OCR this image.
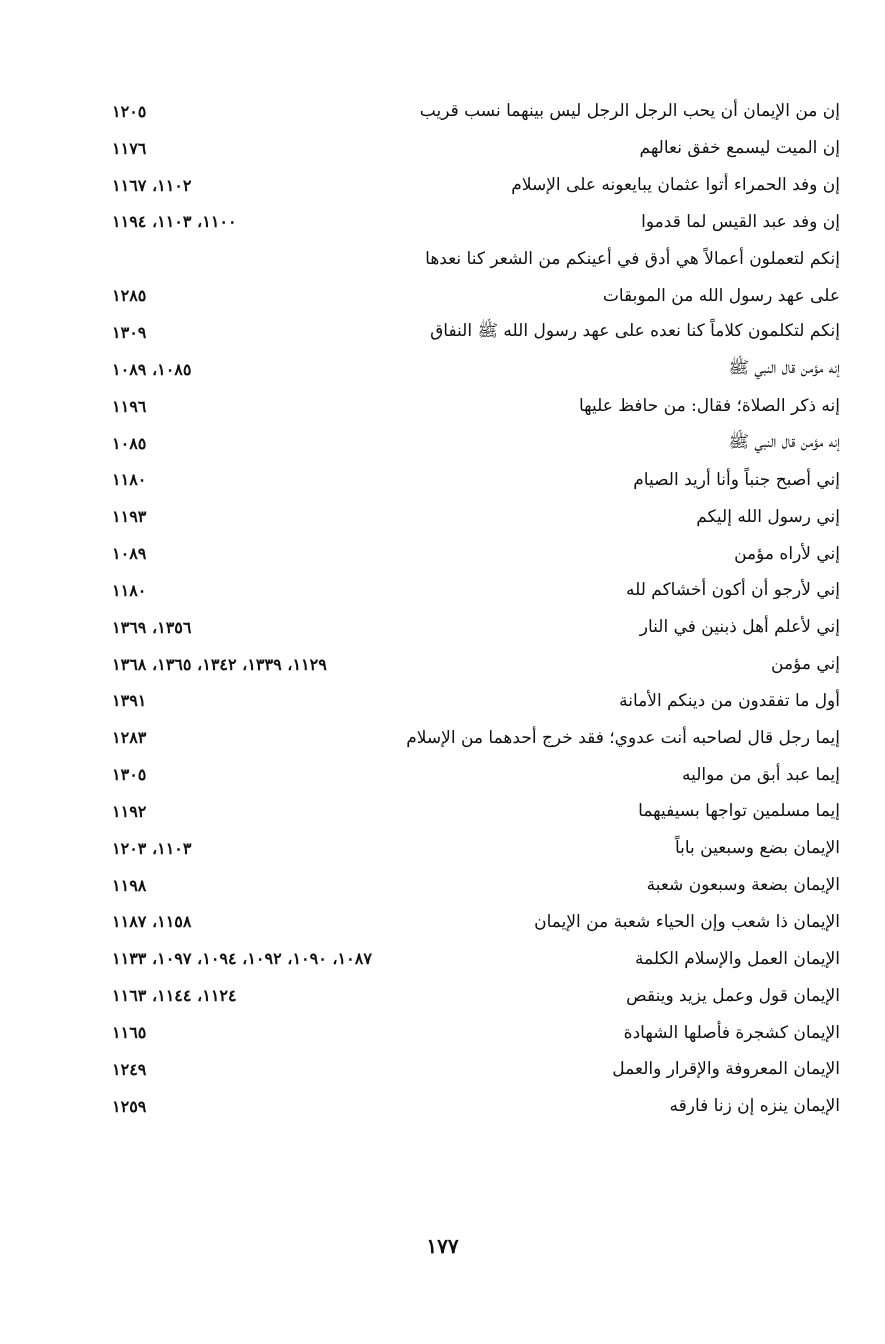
إن من الإيمان أن يحب الرجل الرجل ليس بينهما نسب قريب
١٢٠٥
إن الميت ليسمع خفق نعالهم
١١٧٦
إن وفد الحمراء أتوا عثمان يبايعونه على الإسلام
١١٠٢، ١١٦٧
إن وفد عبد القيس لما قدموا
١١٠٠، ١١٠٣، ١١٩٤
إنكم لتعملون أعمالاً هي أدق في أعينكم من الشعر كنا نعدها
على عهد رسول الله من الموبقات
١٢٨٥
إنكم لتكلمون كلاماً كنا نعده على عهد رسول الله ﷺ النفاق
١٣٠٩
إنه مؤمن قال النبي ﷺ
١٠٨٥، ١٠٨٩
إنه ذكر الصلاة؛ فقال: من حافظ عليها
١١٩٦
إنه مؤمن قال النبي ﷺ
١٠٨٥
إني أصبح جنباً وأنا أريد الصيام
١١٨٠
إني رسول الله إليكم
١١٩٣
إني لأراه مؤمن
١٠٨٩
إني لأرجو أن أكون أخشاكم لله
١١٨٠
إني لأعلم أهل ذبنين في النار
١٣٥٦، ١٣٦٩
إني مؤمن
١١٢٩، ١٣٣٩، ١٣٤٢، ١٣٦٥، ١٣٦٨
أول ما تفقدون من دينكم الأمانة
١٣٩١
إيما رجل قال لصاحبه أنت عدوي؛ فقد خرج أحدهما من الإسلام
١٢٨٣
إيما عبد أبق من مواليه
١٣٠٥
إيما مسلمين تواجها بسيفيهما
١١٩٢
الإيمان بضع وسبعين باباً
١١٠٣، ١٢٠٣
الإيمان بضعة وسبعون شعبة
١١٩٨
الإيمان ذا شعب وإن الحياء شعبة من الإيمان
١١٥٨، ١١٨٧
الإيمان العمل والإسلام الكلمة
١٠٨٧، ١٠٩٠، ١٠٩٢، ١٠٩٤، ١٠٩٧، ١١٣٣
الإيمان قول وعمل يزيد وينقص
١١٢٤، ١١٤٤، ١١٦٣
الإيمان كشجرة فأصلها الشهادة
١١٦٥
الإيمان المعروفة والإقرار والعمل
١٢٤٩
الإيمان ينزه إن زنا فارقه
١٢٥٩
١٧٧
